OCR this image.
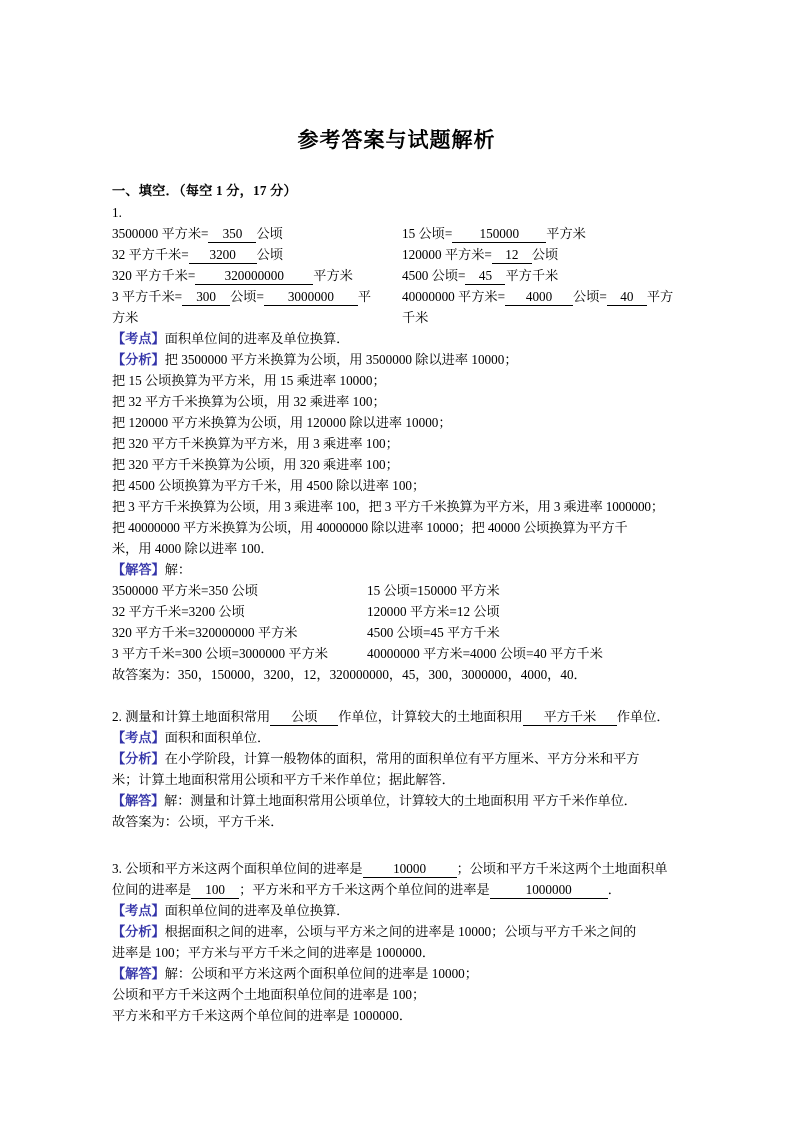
参考答案与试题解析
一、填空．（每空 1 分，17 分）
1.
3500000 平方米= 350 公顷	15 公顷= 150000 平方米
32 平方千米= 3200 公顷	120000 平方米= 12 公顷
320 平方千米= 320000000 平方米	4500 公顷= 45 平方千米
3 平方千米= 300 公顷= 3000000 平	40000000 平方米= 4000 公顷= 40 平方
方米	千米
【考点】面积单位间的进率及单位换算．
【分析】把 3500000 平方米换算为公顷，用 3500000 除以进率 10000；
把 15 公顷换算为平方米，用 15 乘进率 10000；
把 32 平方千米换算为公顷，用 32 乘进率 100；
把 120000 平方米换算为公顷，用 120000 除以进率 10000；
把 320 平方千米换算为平方米，用 3 乘进率 100；
把 320 平方千米换算为公顷，用 320 乘进率 100；
把 4500 公顷换算为平方千米，用 4500 除以进率 100；
把 3 平方千米换算为公顷，用 3 乘进率 100，把 3 平方千米换算为平方米，用 3 乘进率 1000000；
把 40000000 平方米换算为公顷，用 40000000 除以进率 10000；把 40000 公顷换算为平方千
米，用 4000 除以进率 100．
【解答】解：
3500000 平方米=350 公顷	15 公顷=150000 平方米
32 平方千米=3200 公顷	120000 平方米=12 公顷
320 平方千米=320000000 平方米	4500 公顷=45 平方千米
3 平方千米=300 公顷=3000000 平方米	40000000 平方米=4000 公顷=40 平方千米
故答案为：350，150000，3200，12，320000000，45，300，3000000，4000，40．
2. 测量和计算土地面积常用 公顷 作单位，计算较大的土地面积用 平方千米 作单位．
【考点】面积和面积单位．
【分析】在小学阶段，计算一般物体的面积，常用的面积单位有平方厘米、平方分米和平方
米；计算土地面积常用公顷和平方千米作单位；据此解答．
【解答】解：测量和计算土地面积常用公顷单位，计算较大的土地面积用 平方千米作单位．
故答案为：公顷，平方千米．
3. 公顷和平方米这两个面积单位间的进率是 10000 ；公顷和平方千米这两个土地面积单
位间的进率是 100 ；平方米和平方千米这两个单位间的进率是	1000000	．
【考点】面积单位间的进率及单位换算．
【分析】根据面积之间的进率，公顷与平方米之间的进率是 10000；公顷与平方千米之间的
进率是 100；平方米与平方千米之间的进率是 1000000．
【解答】解：公顷和平方米这两个面积单位间的进率是 10000；
公顷和平方千米这两个土地面积单位间的进率是 100；
平方米和平方千米这两个单位间的进率是 1000000．
